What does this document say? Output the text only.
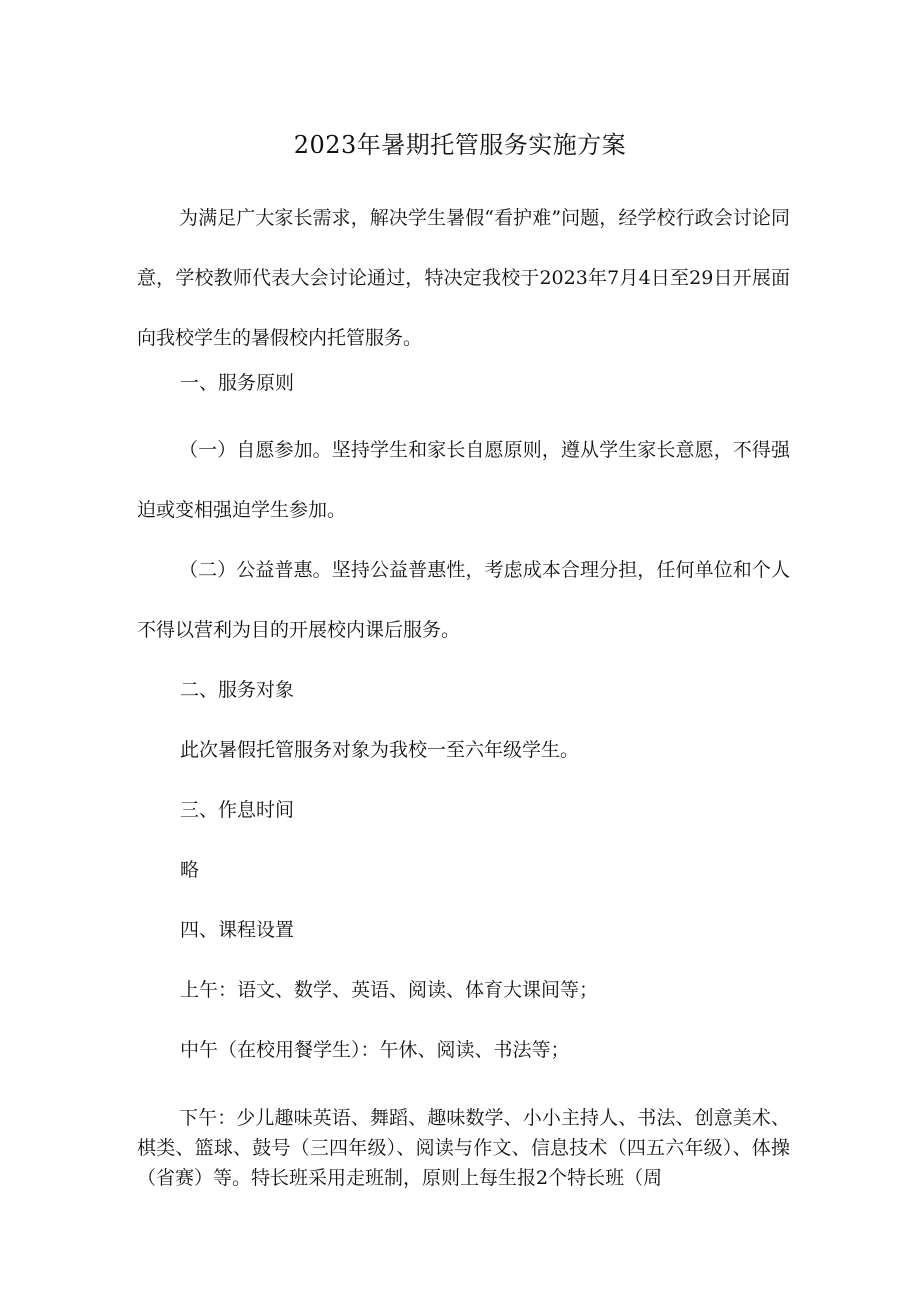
2023年暑期托管服务实施方案

为满足广大家长需求，解决学生暑假“看护难”问题，经学校行政会讨论同意，学校教师代表大会讨论通过，特决定我校于2023年7月4日至29日开展面向我校学生的暑假校内托管服务。

一、服务原则

（一）自愿参加。坚持学生和家长自愿原则，遵从学生家长意愿，不得强迫或变相强迫学生参加。

（二）公益普惠。坚持公益普惠性，考虑成本合理分担，任何单位和个人不得以营利为目的开展校内课后服务。

二、服务对象

此次暑假托管服务对象为我校一至六年级学生。

三、作息时间

略

四、课程设置

上午：语文、数学、英语、阅读、体育大课间等；

中午（在校用餐学生）：午休、阅读、书法等；

下午：少儿趣味英语、舞蹈、趣味数学、小小主持人、书法、创意美术、棋类、篮球、鼓号（三四年级）、阅读与作文、信息技术（四五六年级）、体操（省赛）等。特长班采用走班制，原则上每生报2个特长班（周
